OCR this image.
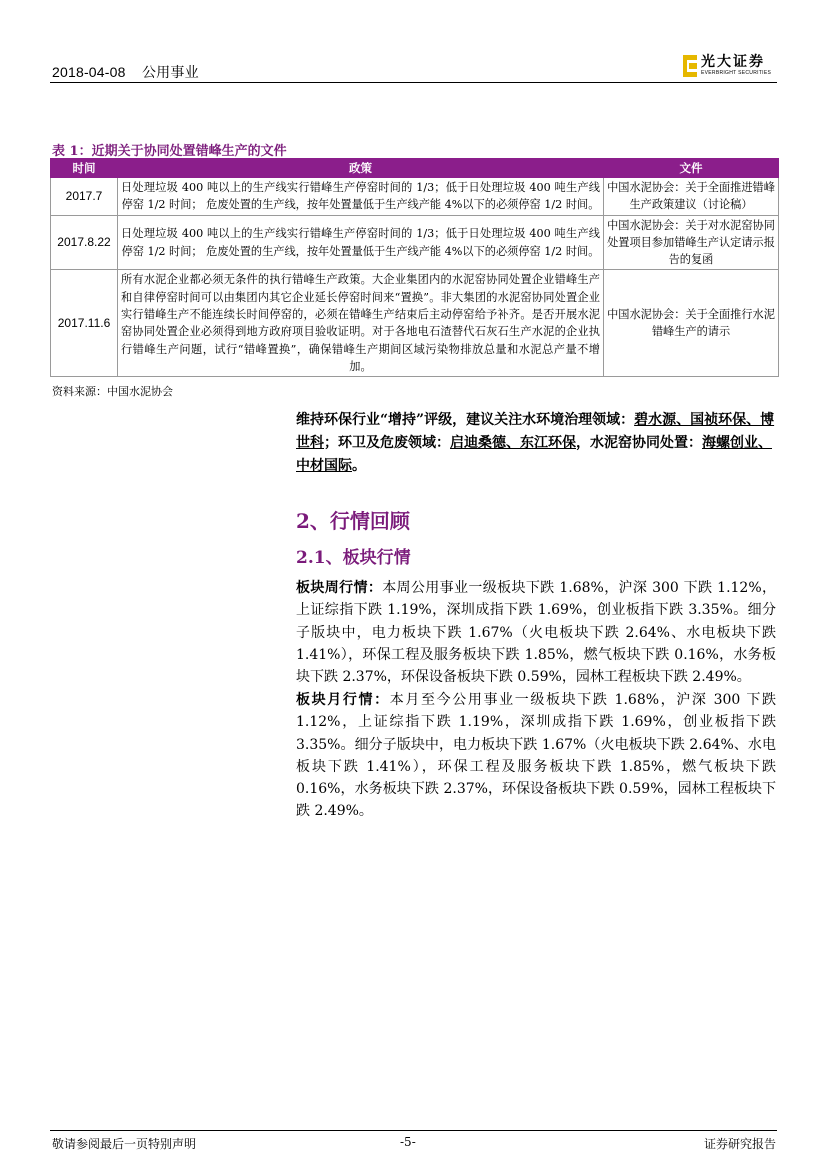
2018-04-08 公用事业
光大证券
EVERBRIGHT SECURITIES
表 1：近期关于协同处置错峰生产的文件
时间	政策	文件
2017.7	日处理垃圾 400 吨以上的生产线实行错峰生产停窑时间的 1/3；低于日处理垃圾 400 吨生产线停窑 1/2 时间； 危废处置的生产线，按年处置量低于生产线产能 4%以下的必须停窑 1/2 时间。	中国水泥协会：关于全面推进错峰生产政策建议（讨论稿）
2017.8.22	日处理垃圾 400 吨以上的生产线实行错峰生产停窑时间的 1/3；低于日处理垃圾 400 吨生产线停窑 1/2 时间； 危废处置的生产线，按年处置量低于生产线产能 4%以下的必须停窑 1/2 时间。	中国水泥协会：关于对水泥窑协同处置项目参加错峰生产认定请示报告的复函
2017.11.6	所有水泥企业都必须无条件的执行错峰生产政策。大企业集团内的水泥窑协同处置企业错峰生产和自律停窑时间可以由集团内其它企业延长停窑时间来“置换”。非大集团的水泥窑协同处置企业实行错峰生产不能连续长时间停窑的，必须在错峰生产结束后主动停窑给予补齐。是否开展水泥窑协同处置企业必须得到地方政府项目验收证明。对于各地电石渣替代石灰石生产水泥的企业执行错峰生产问题，试行“错峰置换”，确保错峰生产期间区域污染物排放总量和水泥总产量不增加。	中国水泥协会：关于全面推行水泥错峰生产的请示
资料来源：中国水泥协会
维持环保行业“增持”评级，建议关注水环境治理领域：碧水源、国祯环保、博世科；环卫及危废领域：启迪桑德、东江环保，水泥窑协同处置：海螺创业、中材国际。
2、行情回顾
2.1、板块行情
板块周行情：本周公用事业一级板块下跌 1.68%，沪深 300 下跌 1.12%，上证综指下跌 1.19%，深圳成指下跌 1.69%，创业板指下跌 3.35%。细分子版块中，电力板块下跌 1.67%（火电板块下跌 2.64%、水电板块下跌 1.41%），环保工程及服务板块下跌 1.85%，燃气板块下跌 0.16%，水务板块下跌 2.37%，环保设备板块下跌 0.59%，园林工程板块下跌 2.49%。
板块月行情：本月至今公用事业一级板块下跌 1.68%，沪深 300 下跌 1.12%，上证综指下跌 1.19%，深圳成指下跌 1.69%，创业板指下跌 3.35%。细分子版块中，电力板块下跌 1.67%（火电板块下跌 2.64%、水电板块下跌 1.41%），环保工程及服务板块下跌 1.85%，燃气板块下跌 0.16%，水务板块下跌 2.37%，环保设备板块下跌 0.59%，园林工程板块下跌 2.49%。
敬请参阅最后一页特别声明	-5-	证券研究报告
